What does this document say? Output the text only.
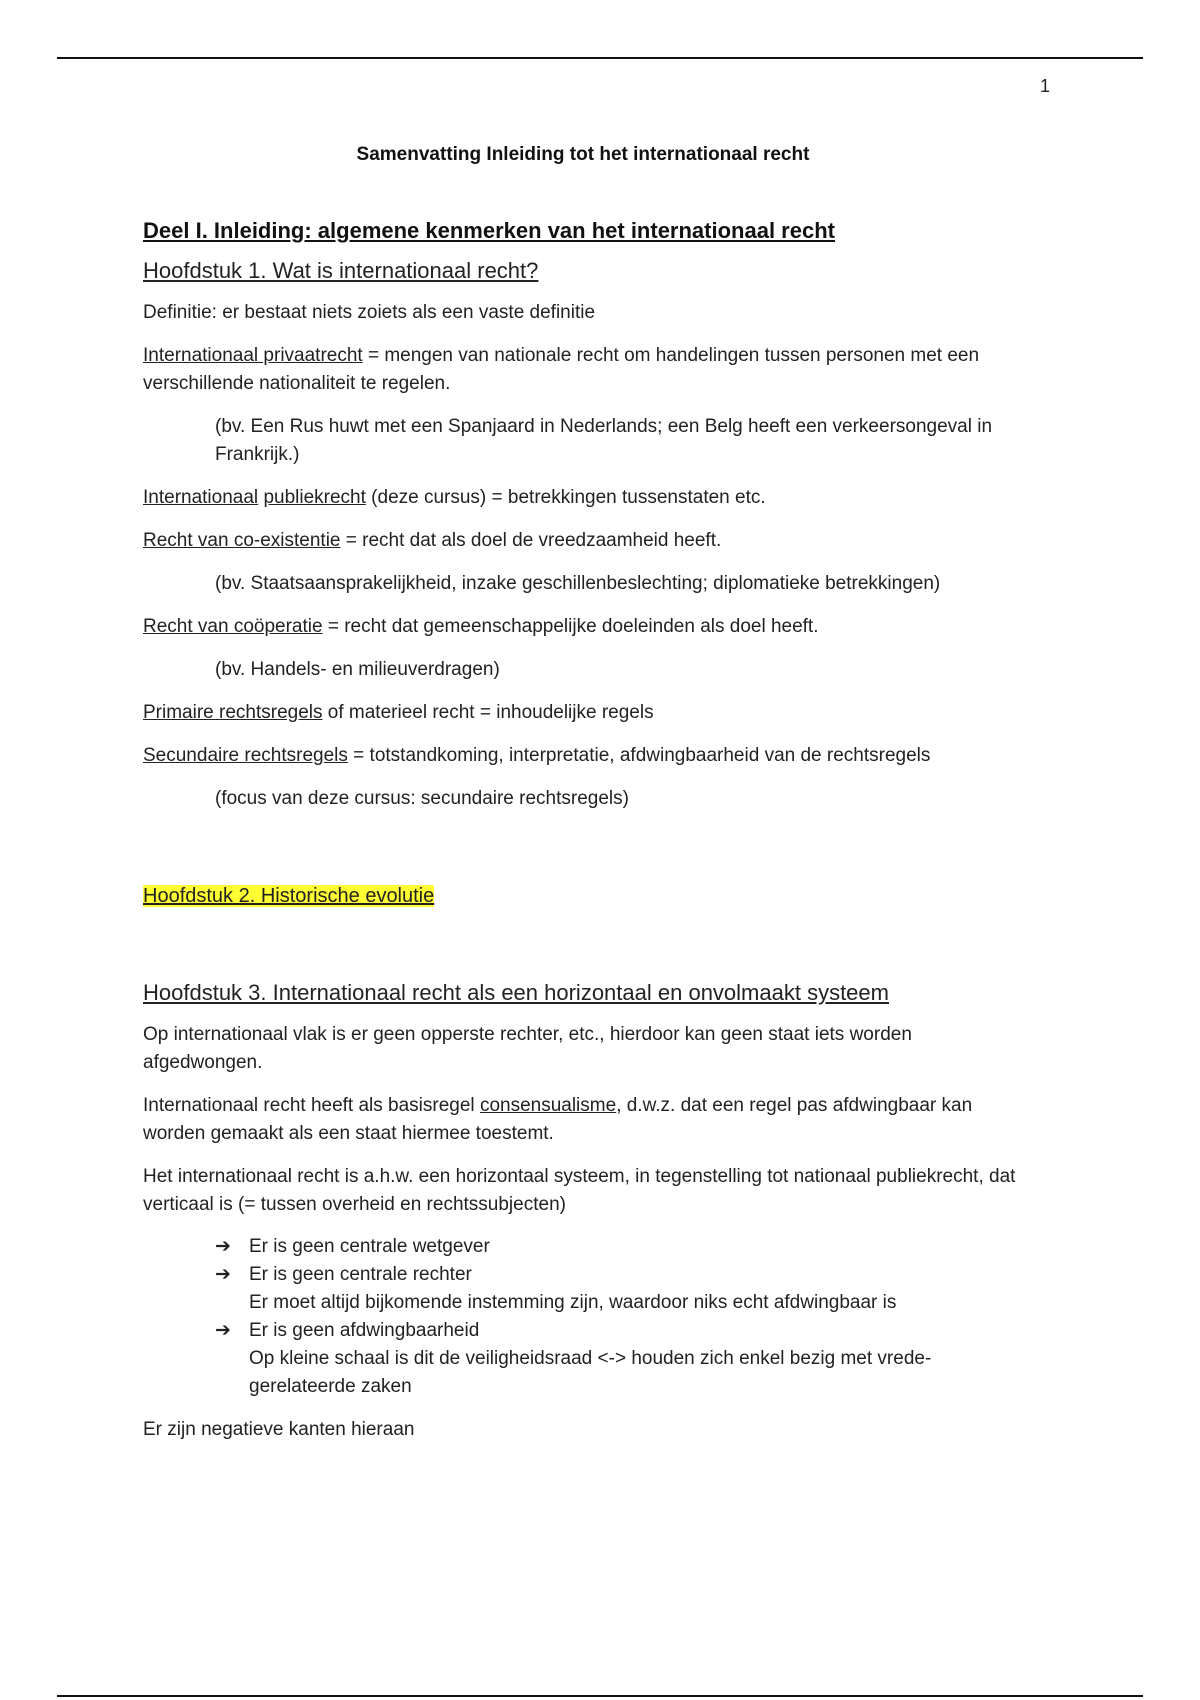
1
Samenvatting Inleiding tot het internationaal recht
Deel I. Inleiding: algemene kenmerken van het internationaal recht
Hoofdstuk 1. Wat is internationaal recht?

Definitie: er bestaat niets zoiets als een vaste definitie

Internationaal privaatrecht = mengen van nationale recht om handelingen tussen personen met een verschillende nationaliteit te regelen.

(bv. Een Rus huwt met een Spanjaard in Nederlands; een Belg heeft een verkeersongeval in Frankrijk.)

Internationaal publiekrecht (deze cursus) = betrekkingen tussenstaten etc.

Recht van co-existentie = recht dat als doel de vreedzaamheid heeft.

(bv. Staatsaansprakelijkheid, inzake geschillenbeslechting; diplomatieke betrekkingen)

Recht van coöperatie = recht dat gemeenschappelijke doeleinden als doel heeft.

(bv. Handels- en milieuverdragen)

Primaire rechtsregels of materieel recht = inhoudelijke regels

Secundaire rechtsregels = totstandkoming, interpretatie, afdwingbaarheid van de rechtsregels

(focus van deze cursus: secundaire rechtsregels)

Hoofdstuk 2. Historische evolutie
Hoofdstuk 3. Internationaal recht als een horizontaal en onvolmaakt systeem

Op internationaal vlak is er geen opperste rechter, etc., hierdoor kan geen staat iets worden afgedwongen.

Internationaal recht heeft als basisregel consensualisme, d.w.z. dat een regel pas afdwingbaar kan worden gemaakt als een staat hiermee toestemt.

Het internationaal recht is a.h.w. een horizontaal systeem, in tegenstelling tot nationaal publiekrecht, dat verticaal is (= tussen overheid en rechtssubjecten)

➔ Er is geen centrale wetgever
➔ Er is geen centrale rechter
Er moet altijd bijkomende instemming zijn, waardoor niks echt afdwingbaar is
➔ Er is geen afdwingbaarheid
Op kleine schaal is dit de veiligheidsraad <-> houden zich enkel bezig met vrede-gerelateerde zaken

Er zijn negatieve kanten hieraan
